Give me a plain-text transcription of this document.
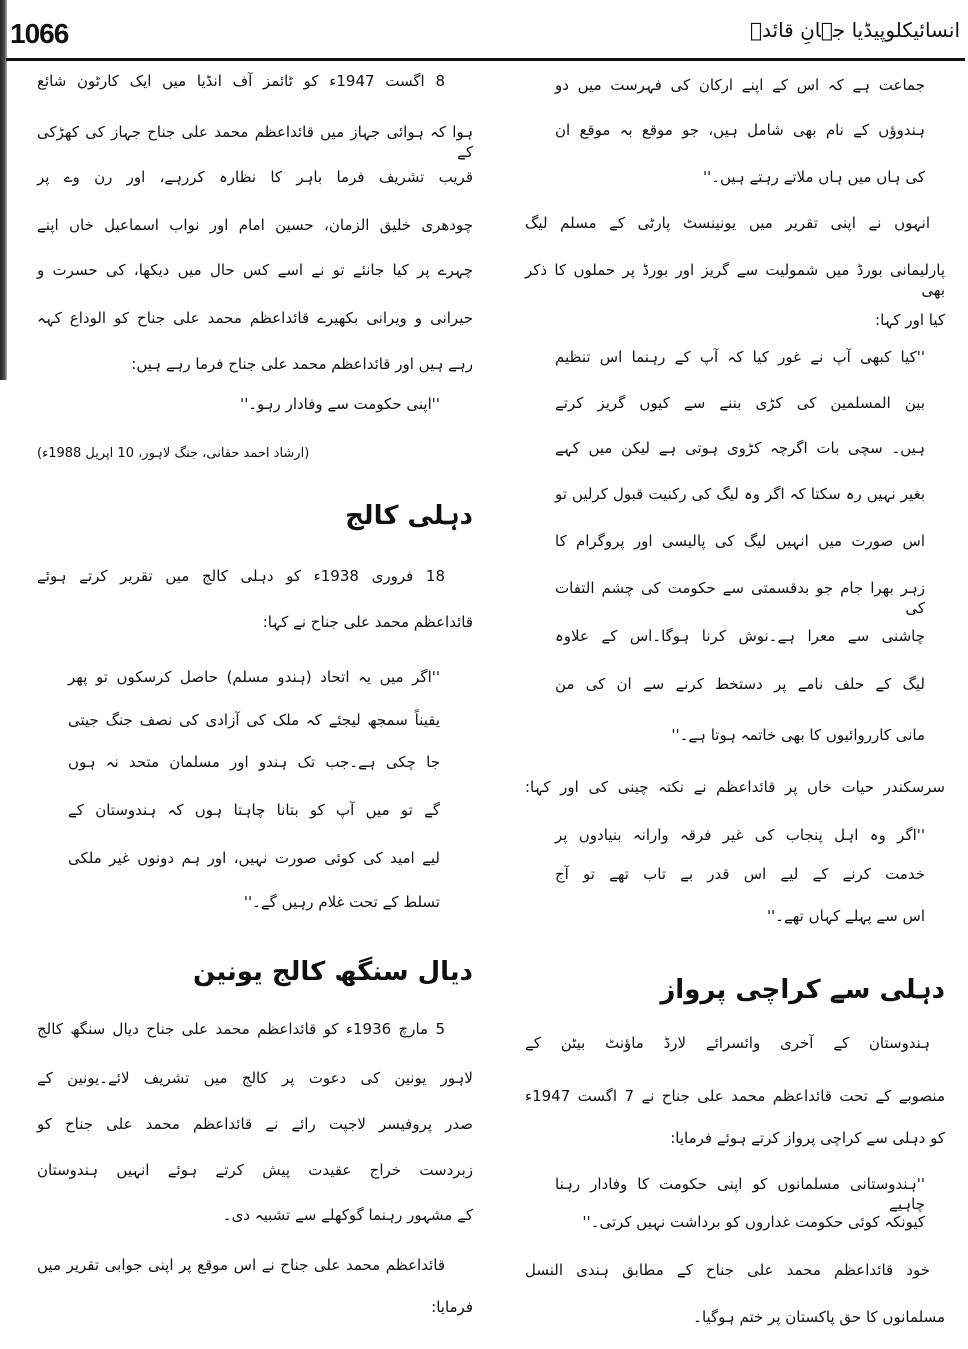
1066	انسائیکلوپیڈیا جہانِ قائدؒ
جماعت ہے کہ اس کے اپنے ارکان کی فہرست میں دو
ہندوؤں کے نام بھی شامل ہیں، جو موقع بہ موقع ان
کی ہاں میں ہاں ملاتے رہتے ہیں۔''
انہوں نے اپنی تقریر میں یونینسٹ پارٹی کے مسلم لیگ
پارلیمانی بورڈ میں شمولیت سے گریز اور بورڈ پر حملوں کا ذکر بھی
کیا اور کہا:
''کیا کبھی آپ نے غور کیا کہ آپ کے رہنما اس تنظیم
بین المسلمین کی کڑی بننے سے کیوں گریز کرتے
ہیں۔ سچی بات اگرچہ کڑوی ہوتی ہے لیکن میں کہے
بغیر نہیں رہ سکتا کہ اگر وہ لیگ کی رکنیت قبول کرلیں تو
اس صورت میں انہیں لیگ کی پالیسی اور پروگرام کا
زہر بھرا جام جو بدقسمتی سے حکومت کی چشم التفات کی
چاشنی سے معرا ہے۔نوش کرنا ہوگا۔اس کے علاوہ
لیگ کے حلف نامے پر دستخط کرنے سے ان کی من
مانی کارروائیوں کا بھی خاتمہ ہوتا ہے۔''
سرسکندر حیات خاں پر قائداعظم نے نکتہ چینی کی اور کہا:
''اگر وہ اہل پنجاب کی غیر فرقہ وارانہ بنیادوں پر
خدمت کرنے کے لیے اس قدر بے تاب تھے تو آج
اس سے پہلے کہاں تھے۔''
دہلی سے کراچی پرواز
ہندوستان کے آخری وائسرائے لارڈ ماؤنٹ بیٹن کے
منصوبے کے تحت قائداعظم محمد علی جناح نے 7 اگست 1947ء
کو دہلی سے کراچی پرواز کرتے ہوئے فرمایا:
''ہندوستانی مسلمانوں کو اپنی حکومت کا وفادار رہنا چاہیے
کیونکہ کوئی حکومت غداروں کو برداشت نہیں کرتی۔''
خود قائداعظم محمد علی جناح کے مطابق ہندی النسل
مسلمانوں کا حق پاکستان پر ختم ہوگیا۔
8 اگست 1947ء کو ٹائمز آف انڈیا میں ایک کارٹون شائع
ہوا کہ ہوائی جہاز میں قائداعظم محمد علی جناح جہاز کی کھڑکی کے
قریب تشریف فرما باہر کا نظارہ کررہے، اور رن وے پر
چودھری خلیق الزمان، حسین امام اور نواب اسماعیل خاں اپنے
چہرے پر کیا جانئے تو نے اسے کس حال میں دیکھا، کی حسرت و
حیرانی و ویرانی بکھیرے قائداعظم محمد علی جناح کو الوداع کہہ
رہے ہیں اور قائداعظم محمد علی جناح فرما رہے ہیں:
''اپنی حکومت سے وفادار رہو۔''
(ارشاد احمد حقانی، جنگ لاہور، 10 اپریل 1988ء)
دہلی کالج
18 فروری 1938ء کو دہلی کالج میں تقریر کرتے ہوئے
قائداعظم محمد علی جناح نے کہا:
''اگر میں یہ اتحاد (ہندو مسلم) حاصل کرسکوں تو پھر
یقیناً سمجھ لیجئے کہ ملک کی آزادی کی نصف جنگ جیتی
جا چکی ہے۔جب تک ہندو اور مسلمان متحد نہ ہوں
گے تو میں آپ کو بتانا چاہتا ہوں کہ ہندوستان کے
لیے امید کی کوئی صورت نہیں، اور ہم دونوں غیر ملکی
تسلط کے تحت غلام رہیں گے۔''
دیال سنگھ کالج یونین
5 مارچ 1936ء کو قائداعظم محمد علی جناح دیال سنگھ کالج
لاہور یونین کی دعوت پر کالج میں تشریف لائے۔یونین کے
صدر پروفیسر لاجپت رائے نے قائداعظم محمد علی جناح کو
زبردست خراج عقیدت پیش کرتے ہوئے انہیں ہندوستان
کے مشہور رہنما گوکھلے سے تشبیہ دی۔
قائداعظم محمد علی جناح نے اس موقع پر اپنی جوابی تقریر میں
فرمایا:
